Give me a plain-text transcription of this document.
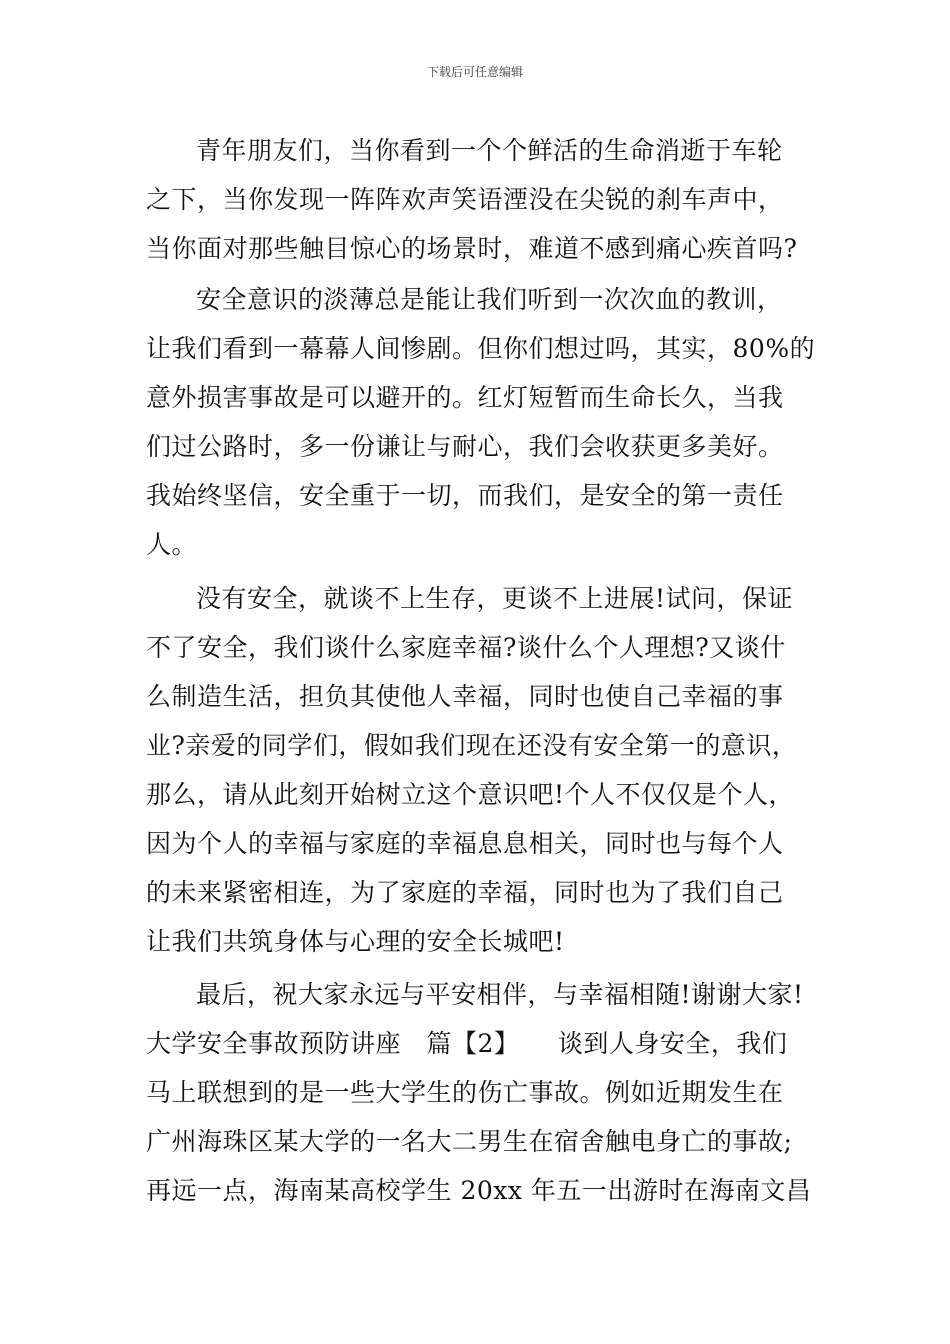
下载后可任意编辑
青年朋友们，当你看到一个个鲜活的生命消逝于车轮
之下，当你发现一阵阵欢声笑语湮没在尖锐的刹车声中，
当你面对那些触目惊心的场景时，难道不感到痛心疾首吗?
安全意识的淡薄总是能让我们听到一次次血的教训，
让我们看到一幕幕人间惨剧。但你们想过吗，其实，80%的
意外损害事故是可以避开的。红灯短暂而生命长久，当我
们过公路时，多一份谦让与耐心，我们会收获更多美好。
我始终坚信，安全重于一切，而我们，是安全的第一责任
人。
没有安全，就谈不上生存，更谈不上进展!试问，保证
不了安全，我们谈什么家庭幸福?谈什么个人理想?又谈什
么制造生活，担负其使他人幸福，同时也使自己幸福的事
业?亲爱的同学们，假如我们现在还没有安全第一的意识，
那么，请从此刻开始树立这个意识吧!个人不仅仅是个人，
因为个人的幸福与家庭的幸福息息相关，同时也与每个人
的未来紧密相连，为了家庭的幸福，同时也为了我们自己
让我们共筑身体与心理的安全长城吧!
最后，祝大家永远与平安相伴，与幸福相随!谢谢大家!
大学安全事故预防讲座　篇【2】　　谈到人身安全，我们
马上联想到的是一些大学生的伤亡事故。例如近期发生在
广州海珠区某大学的一名大二男生在宿舍触电身亡的事故;
再远一点，海南某高校学生 20xx 年五一出游时在海南文昌
